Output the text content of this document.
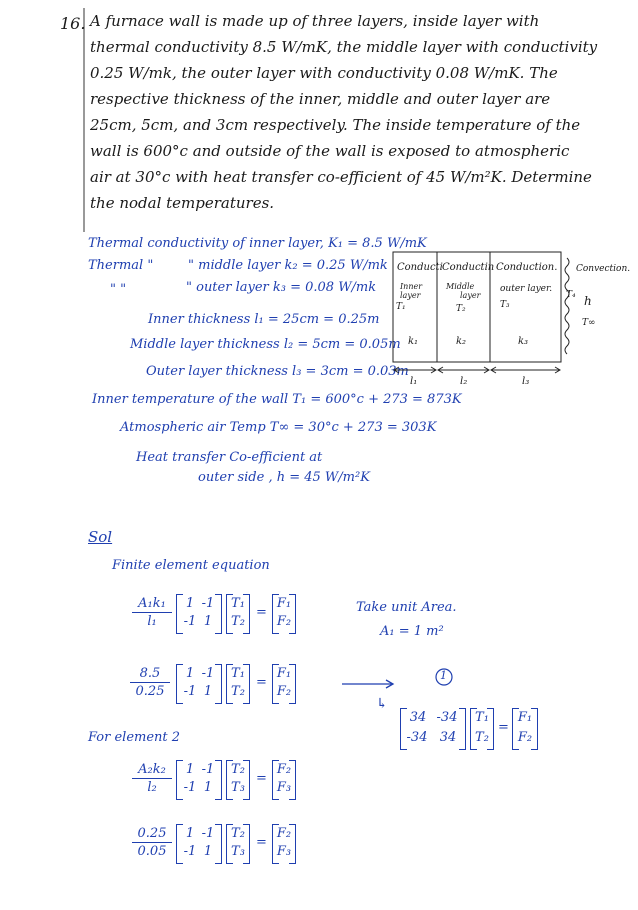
16. A furnace wall is made up of three layers, inside layer with
thermal conductivity 8.5 W/mK, the middle layer with conductivity
0.25 W/mk, the outer layer with conductivity 0.08 W/mK. The
respective thickness of the inner, middle and outer layer are
25cm, 5cm, and 3cm respectively. The inside temperature of the
wall is 600°c and outside of the wall is exposed to atmospheric
air at 30°c with heat transfer co-efficient of 45 W/m²K. Determine
the nodal temperatures.
Thermal conductivity of inner layer, K₁ = 8.5 W/mK
Thermal "	" middle layer k₂ = 0.25 W/mk
" "	" outer layer k₃ = 0.08 W/mk
Inner thickness l₁ = 25cm = 0.25m
Middle layer thickness l₂ = 5cm = 0.05m
Outer layer thickness l₃ = 3cm = 0.03m
Inner temperature of the wall T₁ = 600°c + 273 = 873K
Atmospheric air Temp T∞ = 30°c + 273 = 303K
Heat transfer Co-efficient at
outer side , h = 45 W/m²K
Conducti Conductin Conduction.
Inner
layer
Middle
layer
outer layer.
T₁	T₂	T₃
k₁	k₂	k₃
l₁	l₂	l₃
Convection.
T₄ h
T∞
Sol
Finite element equation
A₁k₁
l₁
1 -1
-1 1
T₁
T₂
=
F₁
F₂
Take unit Area.
A₁ = 1 m²
8.5
0.25
1 -1
-1 1
T₁
T₂
=
F₁
F₂
1
↳
34 -34
-34 34
T₁
T₂
=
F₁
F₂
For element 2
A₂k₂
l₂
1 -1
-1 1
T₂
T₃
=
F₂
F₃
0.25
0.05
1 -1
-1 1
T₂
T₃
=
F₂
F₃
